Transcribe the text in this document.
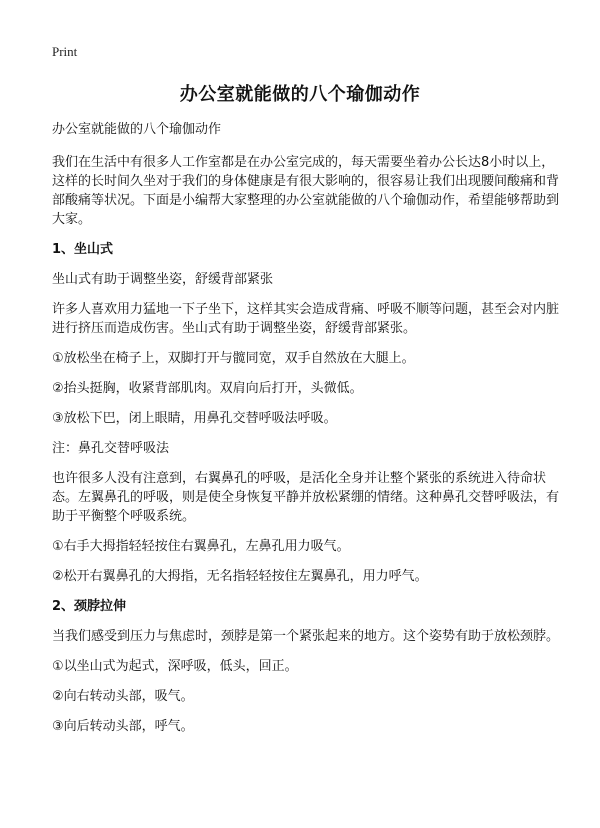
Print
办公室就能做的八个瑜伽动作

办公室就能做的八个瑜伽动作

我们在生活中有很多人工作室都是在办公室完成的，每天需要坐着办公长达8小时以上，这样的长时间久坐对于我们的身体健康是有很大影响的，很容易让我们出现腰间酸痛和背部酸痛等状况。下面是小编帮大家整理的办公室就能做的八个瑜伽动作，希望能够帮助到大家。

1、坐山式

坐山式有助于调整坐姿，舒缓背部紧张

许多人喜欢用力猛地一下子坐下，这样其实会造成背痛、呼吸不顺等问题，甚至会对内脏进行挤压而造成伤害。坐山式有助于调整坐姿，舒缓背部紧张。

①放松坐在椅子上，双脚打开与髋同宽，双手自然放在大腿上。

②抬头挺胸，收紧背部肌肉。双肩向后打开，头微低。

③放松下巴，闭上眼睛，用鼻孔交替呼吸法呼吸。

注：鼻孔交替呼吸法

也许很多人没有注意到，右翼鼻孔的呼吸，是活化全身并让整个紧张的系统进入待命状态。左翼鼻孔的呼吸，则是使全身恢复平静并放松紧绷的情绪。这种鼻孔交替呼吸法，有助于平衡整个呼吸系统。

①右手大拇指轻轻按住右翼鼻孔，左鼻孔用力吸气。

②松开右翼鼻孔的大拇指，无名指轻轻按住左翼鼻孔，用力呼气。

2、颈脖拉伸

当我们感受到压力与焦虑时，颈脖是第一个紧张起来的地方。这个姿势有助于放松颈脖。

①以坐山式为起式，深呼吸，低头，回正。

②向右转动头部，吸气。

③向后转动头部，呼气。
